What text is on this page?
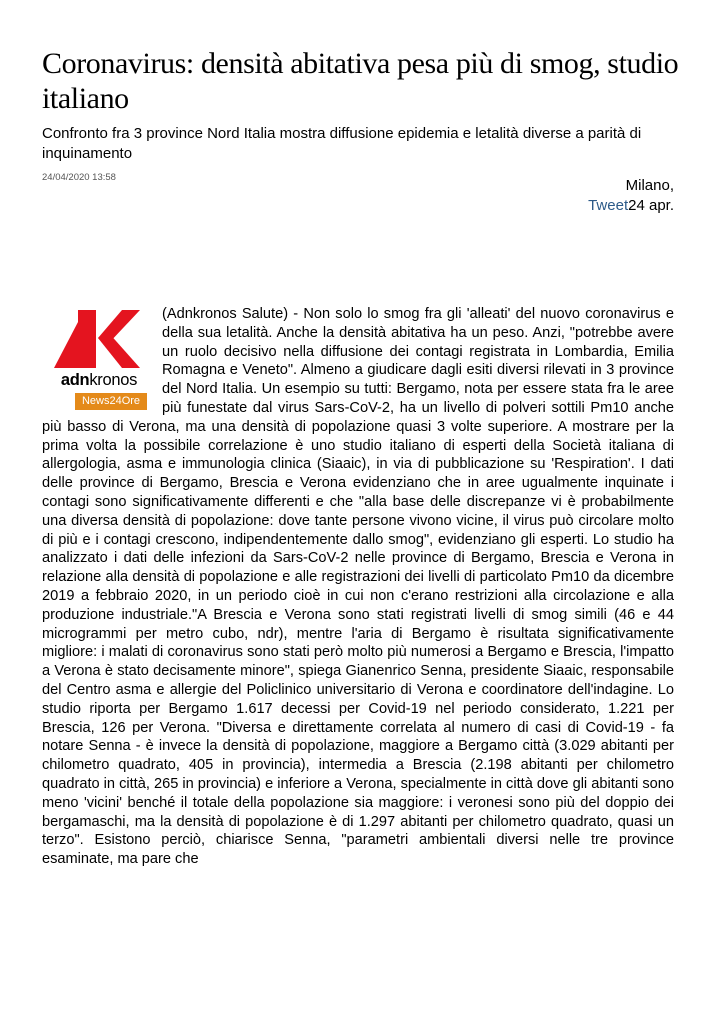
Coronavirus: densità abitativa pesa più di smog, studio italiano

Confronto fra 3 province Nord Italia mostra diffusione epidemia e letalità diverse a parità di inquinamento

24/04/2020 13:58	Milano,
Tweet24 apr.
adnkronos
News24Ore
(Adnkronos Salute) - Non solo lo smog fra gli 'alleati' del nuovo coronavirus e della sua letalità. Anche la densità abitativa ha un peso. Anzi, "potrebbe avere un ruolo decisivo nella diffusione dei contagi registrata in Lombardia, Emilia Romagna e Veneto". Almeno a giudicare dagli esiti diversi rilevati in 3 province del Nord Italia. Un esempio su tutti: Bergamo, nota per essere stata fra le aree più funestate dal virus Sars-CoV-2, ha un livello di polveri sottili Pm10 anche più basso di Verona, ma una densità di popolazione quasi 3 volte superiore. A mostrare per la prima volta la possibile correlazione è uno studio italiano di esperti della Società italiana di allergologia, asma e immunologia clinica (Siaaic), in via di pubblicazione su 'Respiration'. I dati delle province di Bergamo, Brescia e Verona evidenziano che in aree ugualmente inquinate i contagi sono significativamente differenti e che "alla base delle discrepanze vi è probabilmente una diversa densità di popolazione: dove tante persone vivono vicine, il virus può circolare molto di più e i contagi crescono, indipendentemente dallo smog", evidenziano gli esperti. Lo studio ha analizzato i dati delle infezioni da Sars-CoV-2 nelle province di Bergamo, Brescia e Verona in relazione alla densità di popolazione e alle registrazioni dei livelli di particolato Pm10 da dicembre 2019 a febbraio 2020, in un periodo cioè in cui non c'erano restrizioni alla circolazione e alla produzione industriale."A Brescia e Verona sono stati registrati livelli di smog simili (46 e 44 microgrammi per metro cubo, ndr), mentre l'aria di Bergamo è risultata significativamente migliore: i malati di coronavirus sono stati però molto più numerosi a Bergamo e Brescia, l'impatto a Verona è stato decisamente minore", spiega Gianenrico Senna, presidente Siaaic, responsabile del Centro asma e allergie del Policlinico universitario di Verona e coordinatore dell'indagine. Lo studio riporta per Bergamo 1.617 decessi per Covid-19 nel periodo considerato, 1.221 per Brescia, 126 per Verona. "Diversa e direttamente correlata al numero di casi di Covid-19 - fa notare Senna - è invece la densità di popolazione, maggiore a Bergamo città (3.029 abitanti per chilometro quadrato, 405 in provincia), intermedia a Brescia (2.198 abitanti per chilometro quadrato in città, 265 in provincia) e inferiore a Verona, specialmente in città dove gli abitanti sono meno 'vicini' benché il totale della popolazione sia maggiore: i veronesi sono più del doppio dei bergamaschi, ma la densità di popolazione è di 1.297 abitanti per chilometro quadrato, quasi un terzo". Esistono perciò, chiarisce Senna, "parametri ambientali diversi nelle tre province esaminate, ma pare che
